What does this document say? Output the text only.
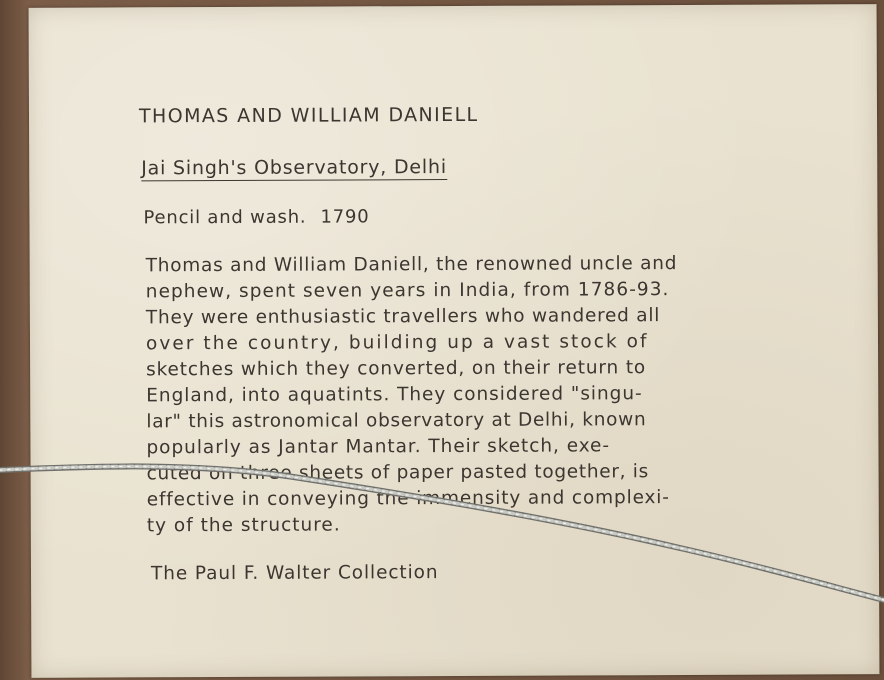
THOMAS AND WILLIAM DANIELL
Jai Singh's Observatory, Delhi
Pencil and wash. 1790
Thomas and William Daniell, the renowned uncle and
nephew, spent seven years in India, from 1786-93.
They were enthusiastic travellers who wandered all
over the country, building up a vast stock of
sketches which they converted, on their return to
England, into aquatints. They considered "singu-
lar" this astronomical observatory at Delhi, known
popularly as Jantar Mantar. Their sketch, exe-
cuted on three sheets of paper pasted together, is
effective in conveying the immensity and complexi-
ty of the structure.
The Paul F. Walter Collection
